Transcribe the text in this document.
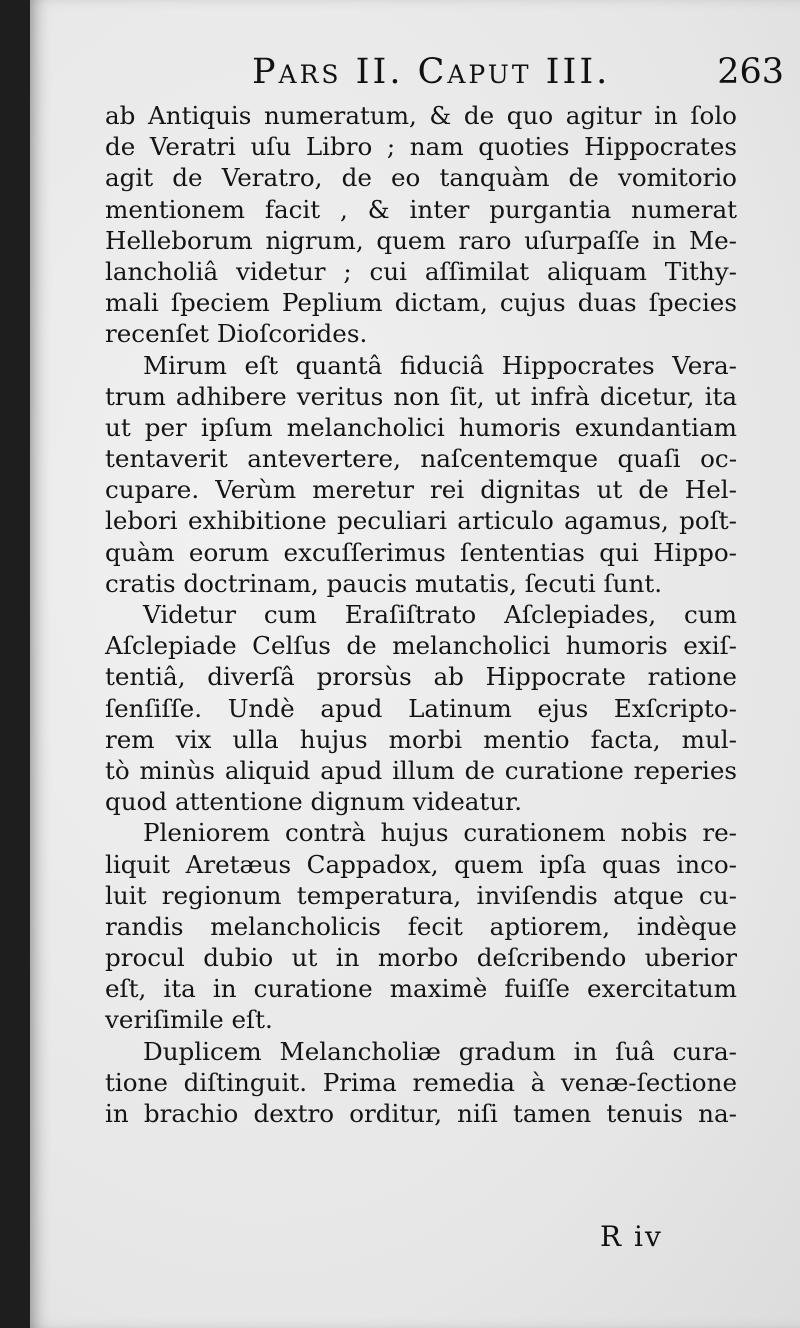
Pars II. Caput III.	263
ab Antiquis numeratum, & de quo agitur in ſolo
de Veratri uſu Libro ; nam quoties Hippocrates
agit de Veratro, de eo tanquàm de vomitorio
mentionem facit , & inter purgantia numerat
Helleborum nigrum, quem raro uſurpaſſe in Me-
lancholiâ videtur ; cui aſſimilat aliquam Tithy-
mali ſpeciem Peplium dictam, cujus duas ſpecies
recenſet Dioſcorides.
Mirum eſt quantâ fiduciâ Hippocrates Vera-
trum adhibere veritus non ſit, ut infrà dicetur, ita
ut per ipſum melancholici humoris exundantiam
tentaverit antevertere, naſcentemque quaſi oc-
cupare. Verùm meretur rei dignitas ut de Hel-
lebori exhibitione peculiari articulo agamus, poſt-
quàm eorum excuſſerimus ſententias qui Hippo-
cratis doctrinam, paucis mutatis, ſecuti ſunt.
Videtur cum Eraſiſtrato Aſclepiades, cum
Aſclepiade Celſus de melancholici humoris exiſ-
tentiâ, diverſâ prorsùs ab Hippocrate ratione
ſenſiſſe. Undè apud Latinum ejus Exſcripto-
rem vix ulla hujus morbi mentio facta, mul-
tò minùs aliquid apud illum de curatione reperies
quod attentione dignum videatur.
Pleniorem contrà hujus curationem nobis re-
liquit Aretæus Cappadox, quem ipſa quas inco-
luit regionum temperatura, inviſendis atque cu-
randis melancholicis fecit aptiorem, indèque
procul dubio ut in morbo deſcribendo uberior
eſt, ita in curatione maximè fuiſſe exercitatum
veriſimile eſt.
Duplicem Melancholiæ gradum in ſuâ cura-
tione diſtinguit. Prima remedia à venæ-ſectione
in brachio dextro orditur, niſi tamen tenuis na-
R iv
